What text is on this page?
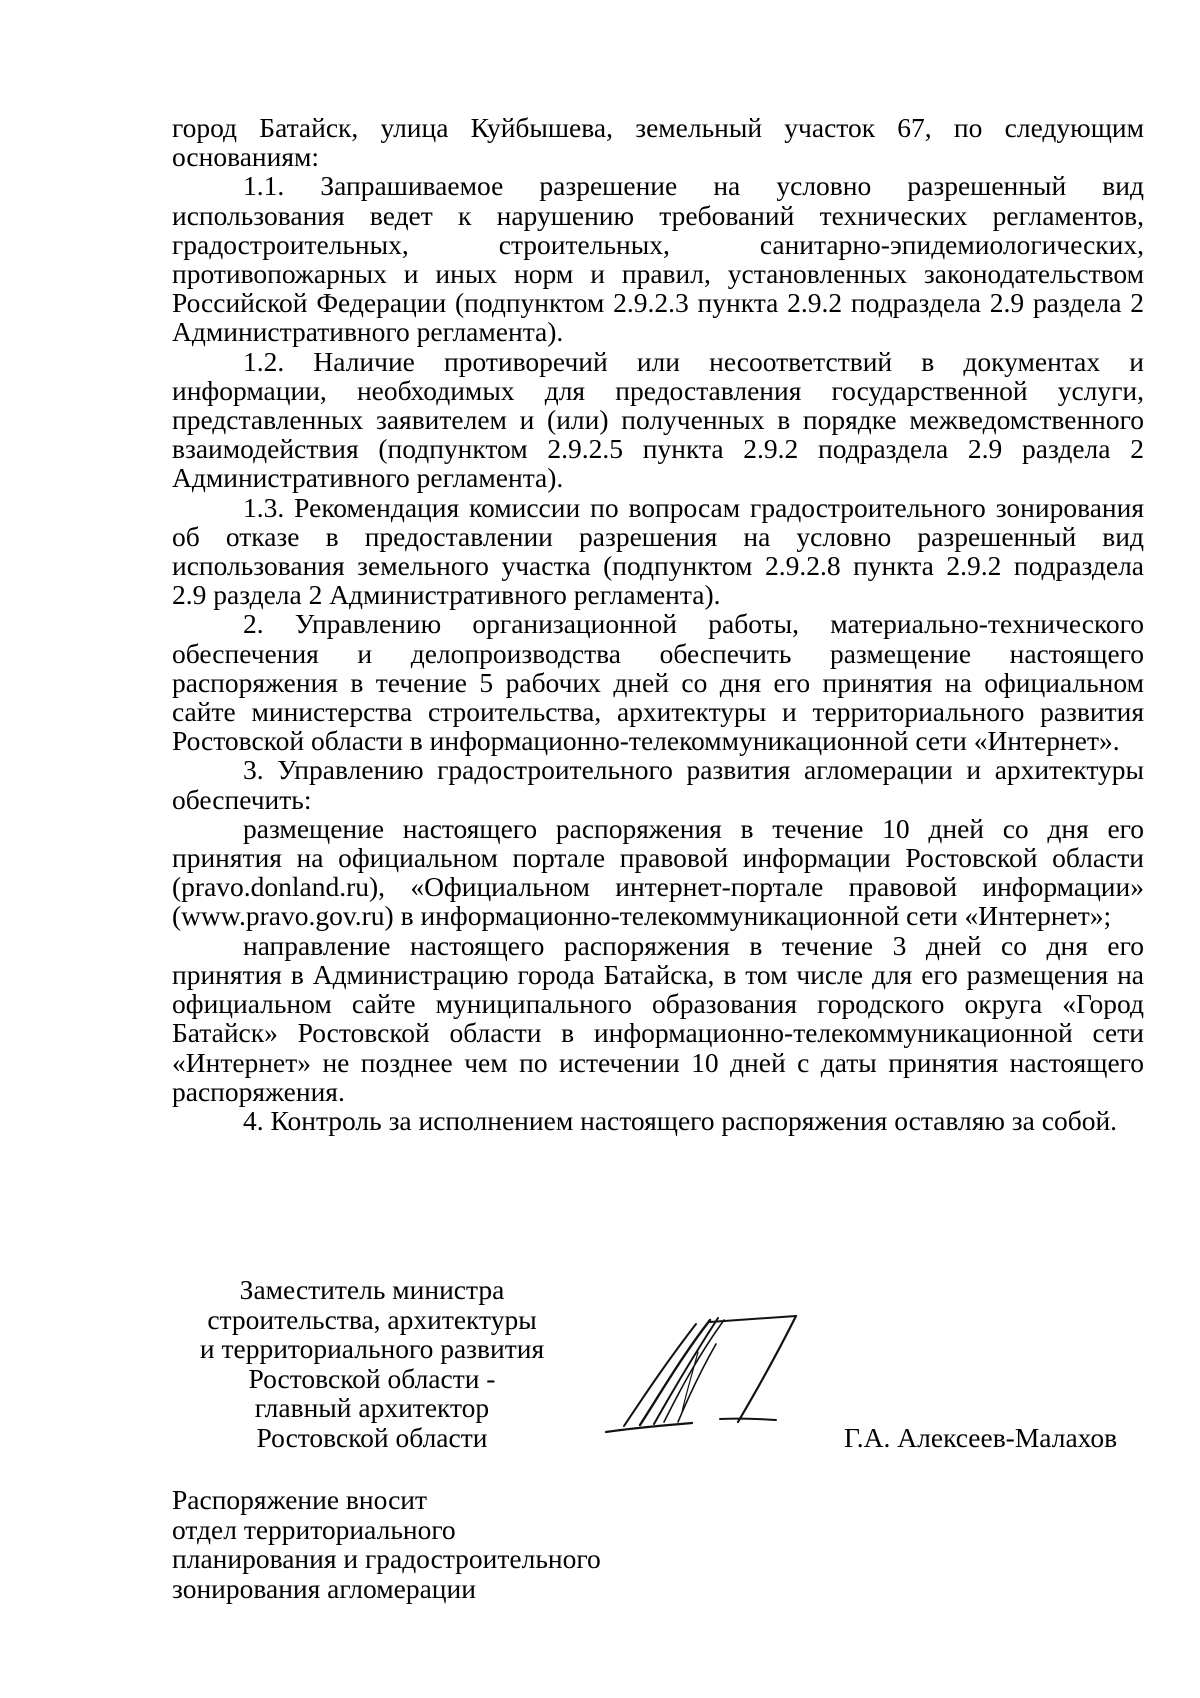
город Батайск, улица Куйбышева, земельный участок 67, по следующим основаниям:

1.1. Запрашиваемое разрешение на условно разрешенный вид использования ведет к нарушению требований технических регламентов, градостроительных, строительных, санитарно-эпидемиологических, противопожарных и иных норм и правил, установленных законодательством Российской Федерации (подпунктом 2.9.2.3 пункта 2.9.2 подраздела 2.9 раздела 2 Административного регламента).

1.2. Наличие противоречий или несоответствий в документах и информации, необходимых для предоставления государственной услуги, представленных заявителем и (или) полученных в порядке межведомственного взаимодействия (подпунктом 2.9.2.5 пункта 2.9.2 подраздела 2.9 раздела 2 Административного регламента).

1.3. Рекомендация комиссии по вопросам градостроительного зонирования об отказе в предоставлении разрешения на условно разрешенный вид использования земельного участка (подпунктом 2.9.2.8 пункта 2.9.2 подраздела 2.9 раздела 2 Административного регламента).

2. Управлению организационной работы, материально-технического обеспечения и делопроизводства обеспечить размещение настоящего распоряжения в течение 5 рабочих дней со дня его принятия на официальном сайте министерства строительства, архитектуры и территориального развития Ростовской области в информационно-телекоммуникационной сети «Интернет».

3. Управлению градостроительного развития агломерации и архитектуры обеспечить:

размещение настоящего распоряжения в течение 10 дней со дня его принятия на официальном портале правовой информации Ростовской области (pravo.donland.ru), «Официальном интернет-портале правовой информации» (www.pravo.gov.ru) в информационно-телекоммуникационной сети «Интернет»;

направление настоящего распоряжения в течение 3 дней со дня его принятия в Администрацию города Батайска, в том числе для его размещения на официальном сайте муниципального образования городского округа «Город Батайск» Ростовской области в информационно-телекоммуникационной сети «Интернет» не позднее чем по истечении 10 дней с даты принятия настоящего распоряжения.

4. Контроль за исполнением настоящего распоряжения оставляю за собой.

Заместитель министра
строительства, архитектуры
и территориального развития
Ростовской области -
главный архитектор
Ростовской области	Г.А. Алексеев-Малахов
Распоряжение вносит
отдел территориального
планирования и градостроительного
зонирования агломерации
